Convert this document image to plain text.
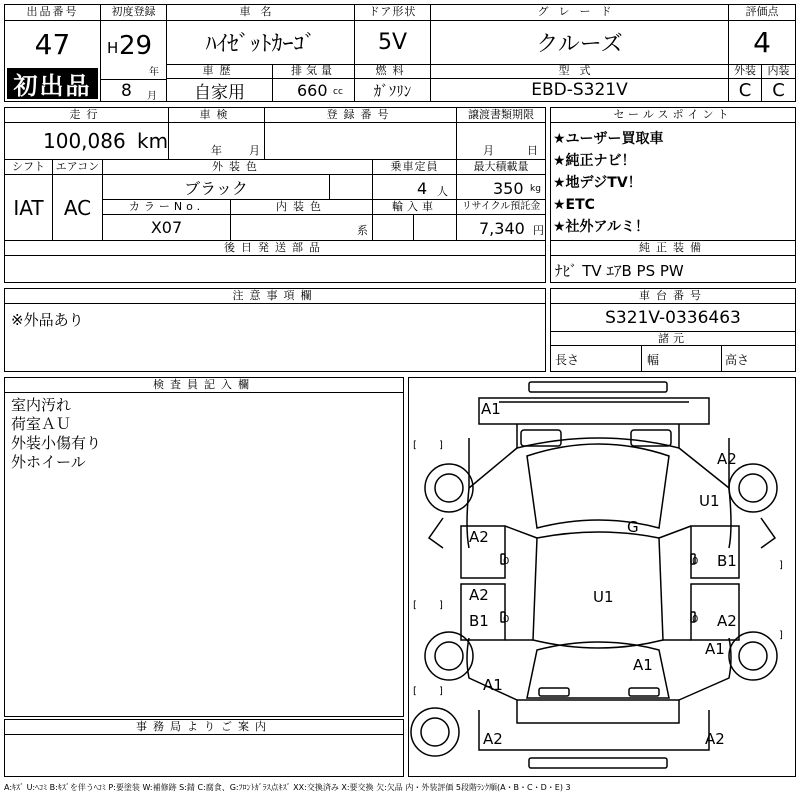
出品番号
47
初出品
初度登録
H 29
年
8 月
車名
ﾊｲｾﾞｯﾄｶｰｺﾞ
ドア形状
5V
グレード
クルーズ
評価点
4
車歴
自家用
排気量
660 cc
燃料
ｶﾞｿﾘﾝ
型式
EBD-S321V
外装
C
内装
C
走行
100,086 km
車検
年 月
登録番号	譲渡書類期限
月	日
シフト
IAT
エアコン
AC
外装色
ブラック
乗車定員
4 人
最大積載量
350 kg
カラーNo.
X07
内装色
系
輸入車	リサイクル預託金
7,340 円
後日発送部品
セールスポイント
★ユーザー買取車
★純正ナビ！
★地デジTV！
★ETC
★社外アルミ！
純正装備
ﾅﾋﾞ TV ｴｱB PS PW
注意事項欄
※外品あり
車台番号
S321V-0336463
諸元
長さ	幅	高さ
検査員記入欄
室内汚れ
荷室ＡＵ
外装小傷有り
外ホイール
事務局よりご案内
[ ]
[ ]
[ ]
]
]
A1
A2
U1
A2
G
B1
A2	U1
B1	A2
A1
A1
A1
A2	A2
0	0
0	0
A:ｷｽﾞ U:ﾍｺﾐ B:ｷｽﾞを伴うﾍｺﾐ P:要塗装 W:補修跡 S:錆 C:腐食、G:ﾌﾛﾝﾄｶﾞﾗｽ点ｷｽﾞ XX:交換済み X:要交換 欠:欠品 内・外装評価 5段階ﾗﾝｸ順(A・B・C・D・E) 3
